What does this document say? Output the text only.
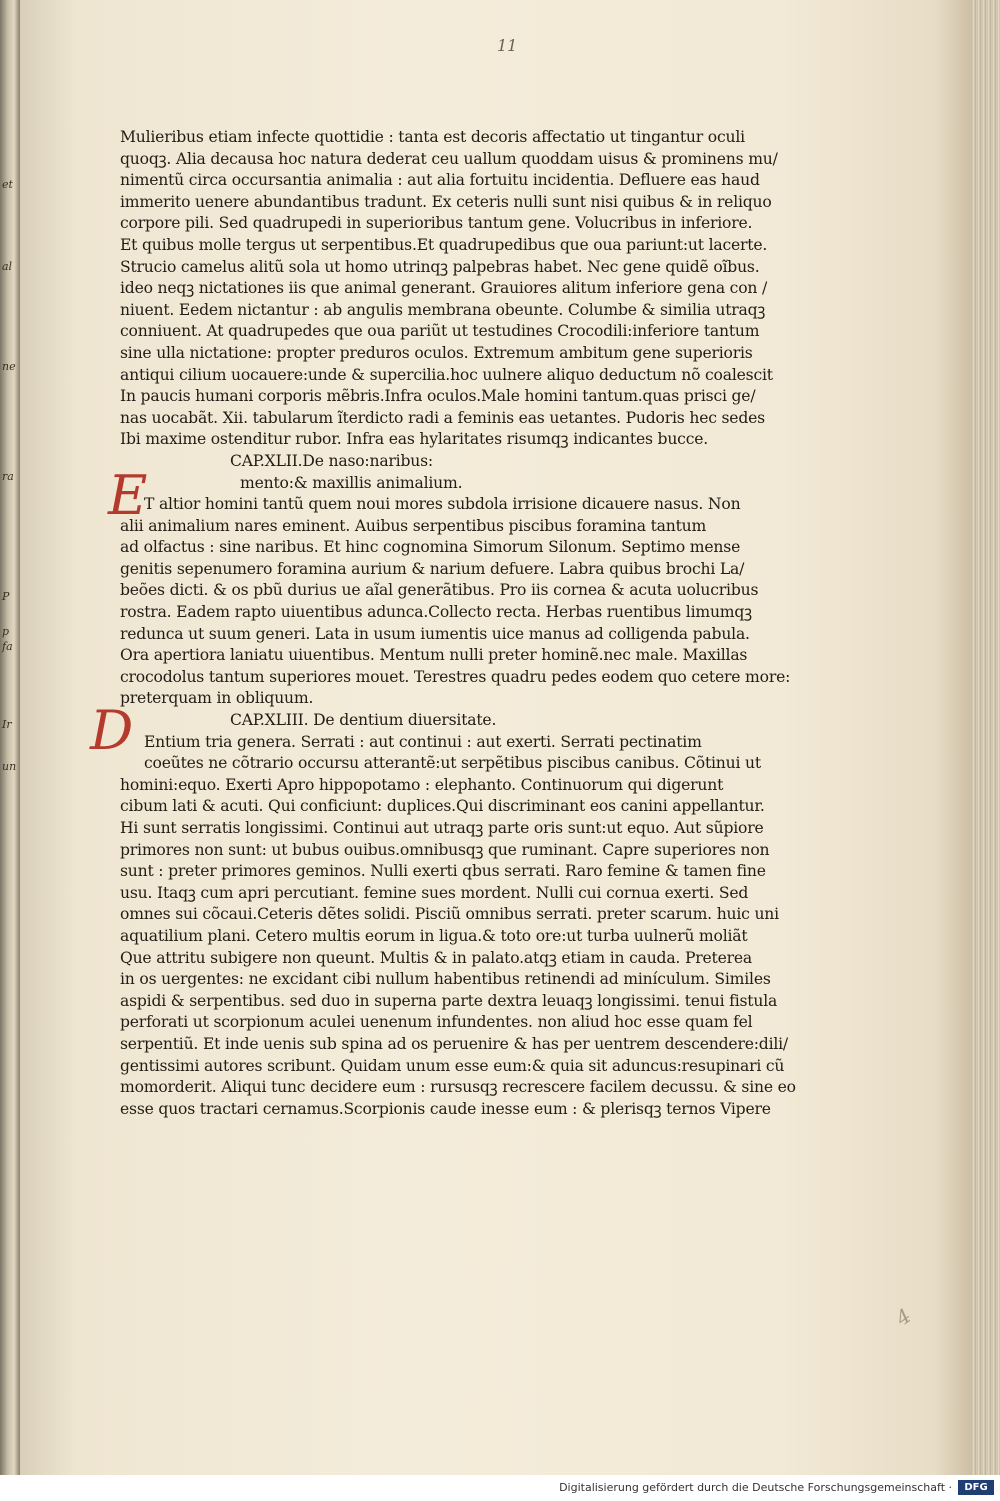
et
al
ne
ra
P
p
fa
Ir
un
11
E
D
Mulieribus etiam infecte quottidie : tanta est decoris affectatio ut tingantur oculi
quoqꝫ. Alia decausa hoc natura dederat ceu uallum quoddam uisus & prominens mu/
nimentũ circa occursantia animalia : aut alia fortuitu incidentia. Defluere eas haud
immerito uenere abundantibus tradunt. Ex ceteris nulli sunt nisi quibus & in reliquo
corpore pili. Sed quadrupedi in superioribus tantum gene. Volucribus in inferiore.
Et quibus molle tergus ut serpentibus.Et quadrupedibus que oua pariunt:ut lacerte.
Strucio camelus alitũ sola ut homo utrinqꝫ palpebras habet. Nec gene quidẽ oĩbus.
ideo neqꝫ nictationes iis que animal generant. Grauiores alitum inferiore gena con /
niuent. Eedem nictantur : ab angulis membrana obeunte. Columbe & similia utraqꝫ
conniuent. At quadrupedes que oua pariũt ut testudines Crocodili:inferiore tantum
sine ulla nictatione: propter preduros oculos. Extremum ambitum gene superioris
antiqui cilium uocauere:unde & supercilia.hoc uulnere aliquo deductum nõ coalescit
In paucis humani corporis mẽbris.Infra oculos.Male homini tantum.quas prisci ge/
nas uocabãt. Xii. tabularum ĩterdicto radi a feminis eas uetantes. Pudoris hec sedes
Ibi maxime ostenditur rubor. Infra eas hylaritates risumqꝫ indicantes bucce.
CAP.XLII.De naso:naribus:
mento:& maxillis animalium.
T altior homini tantũ quem noui mores subdola irrisione dicauere nasus. Non
alii animalium nares eminent. Auibus serpentibus piscibus foramina tantum
ad olfactus : sine naribus. Et hinc cognomina Simorum Silonum. Septimo mense
genitis sepenumero foramina aurium & narium defuere. Labra quibus brochi La/
beões dicti. & os pbũ durius ue aĩal generãtibus. Pro iis cornea & acuta uolucribus
rostra. Eadem rapto uiuentibus adunca.Collecto recta. Herbas ruentibus limumqꝫ
redunca ut suum generi. Lata in usum iumentis uice manus ad colligenda pabula.
Ora apertiora laniatu uiuentibus. Mentum nulli preter hominẽ.nec male. Maxillas
crocodolus tantum superiores mouet. Terestres quadru pedes eodem quo cetere more:
preterquam in obliquum.
CAP.XLIII. De dentium diuersitate.
Entium tria genera. Serrati : aut continui : aut exerti. Serrati pectinatim
coeũtes ne cõtrario occursu atterantẽ:ut serpẽtibus piscibus canibus. Cõtinui ut
homini:equo. Exerti Apro hippopotamo : elephanto. Continuorum qui digerunt
cibum lati & acuti. Qui conficiunt: duplices.Qui discriminant eos canini appellantur.
Hi sunt serratis longissimi. Continui aut utraqꝫ parte oris sunt:ut equo. Aut sũpiore
primores non sunt: ut bubus ouibus.omnibusqꝫ que ruminant. Capre superiores non
sunt : preter primores geminos. Nulli exerti qbus serrati. Raro femine & tamen fine
usu. Itaqꝫ cum apri percutiant. femine sues mordent. Nulli cui cornua exerti. Sed
omnes sui cõcaui.Ceteris dẽtes solidi. Pisciũ omnibus serrati. preter scarum. huic uni
aquatilium plani. Cetero multis eorum in ligua.& toto ore:ut turba uulnerũ moliãt
Que attritu subigere non queunt. Multis & in palato.atqꝫ etiam in cauda. Preterea
in os uergentes: ne excidant cibi nullum habentibus retinendi ad minículum. Similes
aspidi & serpentibus. sed duo in superna parte dextra leuaqꝫ longissimi. tenui fistula
perforati ut scorpionum aculei uenenum infundentes. non aliud hoc esse quam fel
serpentiũ. Et inde uenis sub spina ad os peruenire & has per uentrem descendere:dili/
gentissimi autores scribunt. Quidam unum esse eum:& quia sit aduncus:resupinari cũ
momorderit. Aliqui tunc decidere eum : rursusqꝫ recrescere facilem decussu. & sine eo
esse quos tractari cernamus.Scorpionis caude inesse eum : & plerisqꝫ ternos Vipere
4
Digitalisierung gefördert durch die Deutsche Forschungsgemeinschaft ·	DFG
